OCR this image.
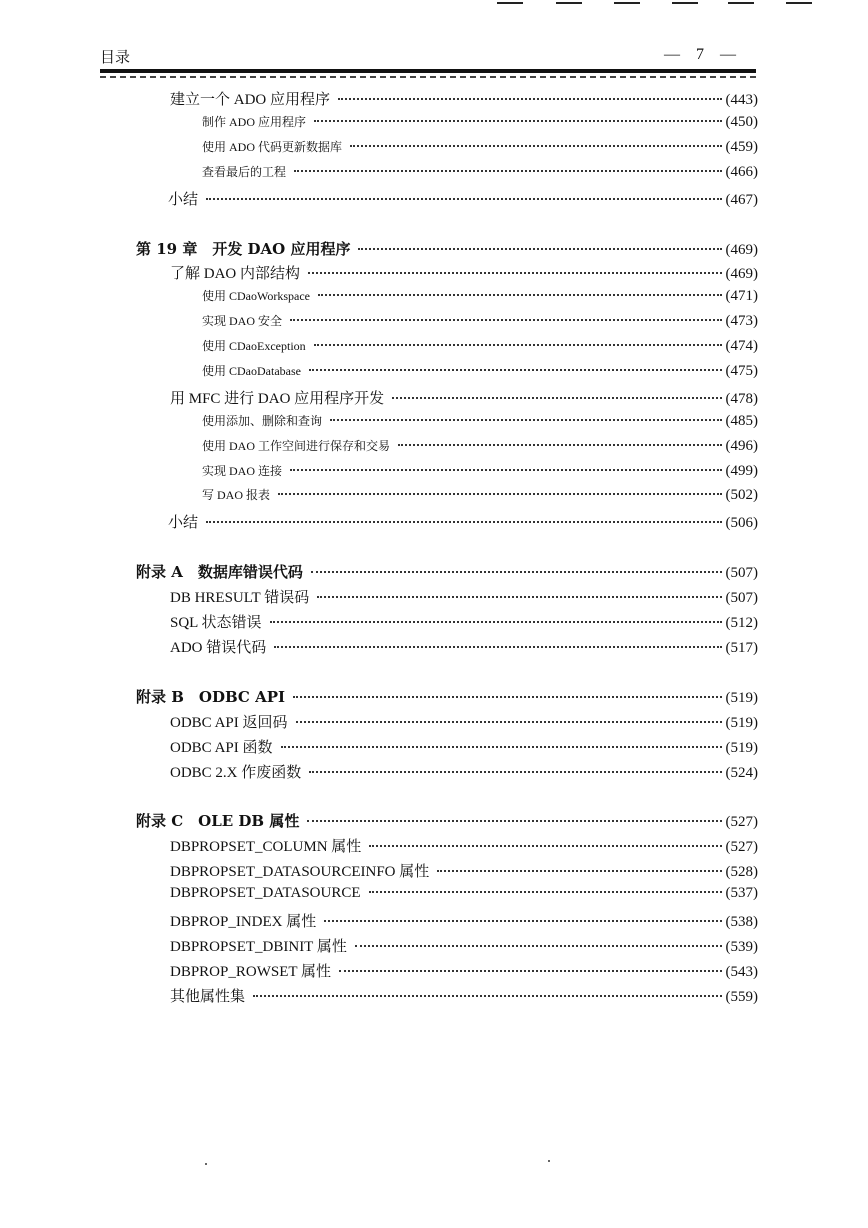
目录	— 7 —
建立一个 ADO 应用程序	(443)
制作 ADO 应用程序	(450)
使用 ADO 代码更新数据库	(459)
查看最后的工程	(466)
小结	(467)
第 19 章　开发 DAO 应用程序	(469)
了解 DAO 内部结构	(469)
使用 CDaoWorkspace	(471)
实现 DAO 安全	(473)
使用 CDaoException	(474)
使用 CDaoDatabase	(475)
用 MFC 进行 DAO 应用程序开发	(478)
使用添加、删除和查询	(485)
使用 DAO 工作空间进行保存和交易	(496)
实现 DAO 连接	(499)
写 DAO 报表	(502)
小结	(506)
附录 A　数据库错误代码	(507)
DB HRESULT 错误码	(507)
SQL 状态错误	(512)
ADO 错误代码	(517)
附录 B　ODBC API	(519)
ODBC API 返回码	(519)
ODBC API 函数	(519)
ODBC 2.X 作废函数	(524)
附录 C　OLE DB 属性	(527)
DBPROPSET_COLUMN 属性	(527)
DBPROPSET_DATASOURCEINFO 属性	(528)
DBPROPSET_DATASOURCE	(537)
DBPROP_INDEX 属性	(538)
DBPROPSET_DBINIT 属性	(539)
DBPROP_ROWSET 属性	(543)
其他属性集	(559)
